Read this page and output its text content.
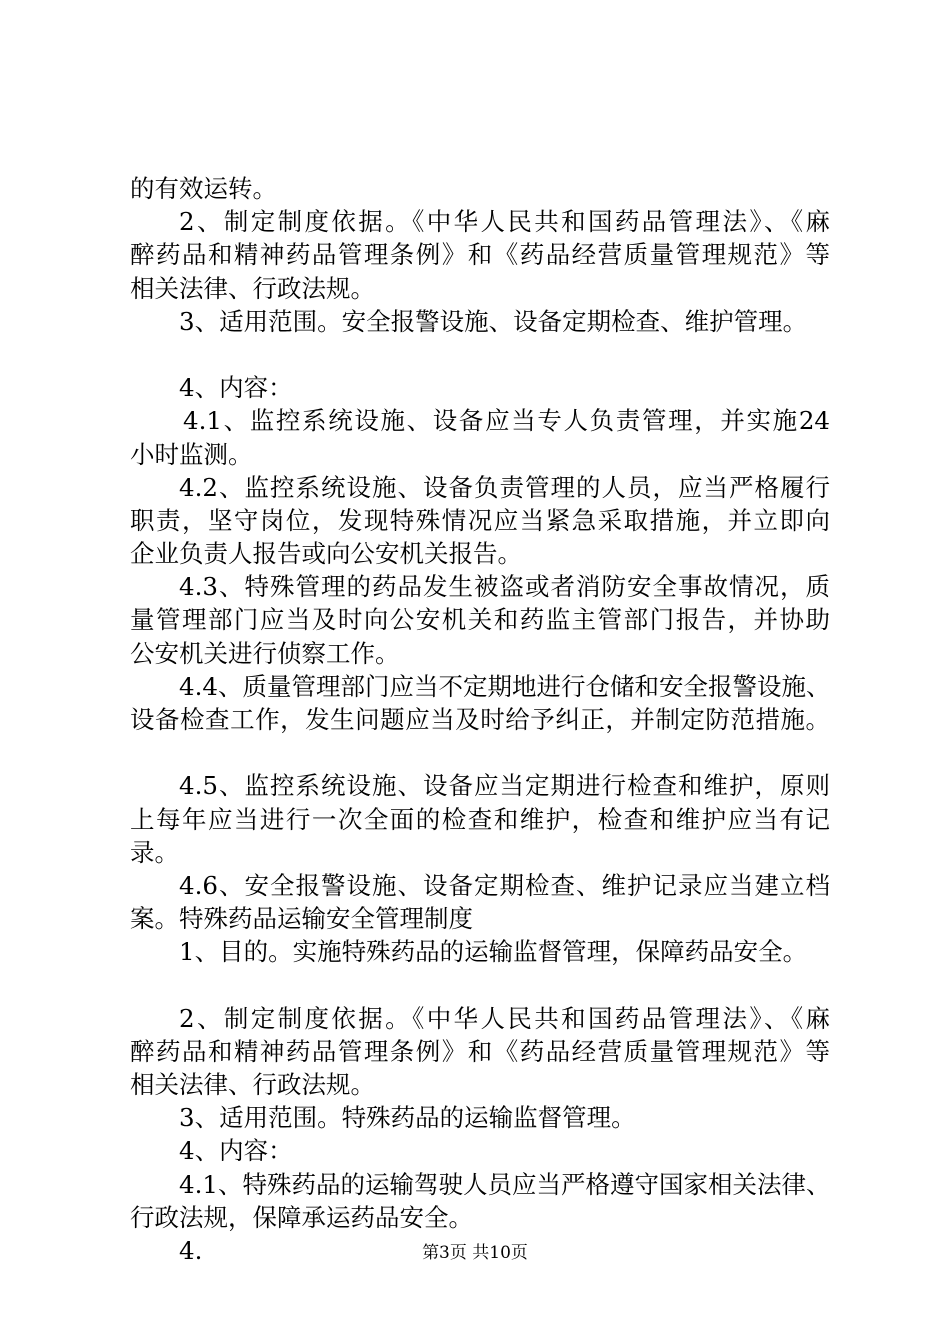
的有效运转。
2、制定制度依据。《中华人民共和国药品管理法》、《麻
醉药品和精神药品管理条例》和《药品经营质量管理规范》等
相关法律、行政法规。
3、适用范围。安全报警设施、设备定期检查、维护管理。
4、内容：
4.1、监控系统设施、设备应当专人负责管理，并实施24
小时监测。
4.2、监控系统设施、设备负责管理的人员，应当严格履行
职责，坚守岗位，发现特殊情况应当紧急采取措施，并立即向
企业负责人报告或向公安机关报告。
4.3、特殊管理的药品发生被盗或者消防安全事故情况，质
量管理部门应当及时向公安机关和药监主管部门报告，并协助
公安机关进行侦察工作。
4.4、质量管理部门应当不定期地进行仓储和安全报警设施、
设备检查工作，发生问题应当及时给予纠正，并制定防范措施。
4.5、监控系统设施、设备应当定期进行检查和维护，原则
上每年应当进行一次全面的检查和维护，检查和维护应当有记
录。
4.6、安全报警设施、设备定期检查、维护记录应当建立档
案。特殊药品运输安全管理制度
1、目的。实施特殊药品的运输监督管理，保障药品安全。
2、制定制度依据。《中华人民共和国药品管理法》、《麻
醉药品和精神药品管理条例》和《药品经营质量管理规范》等
相关法律、行政法规。
3、适用范围。特殊药品的运输监督管理。
4、内容：
4.1、特殊药品的运输驾驶人员应当严格遵守国家相关法律、
行政法规，保障承运药品安全。
4.	第3页 共10页
